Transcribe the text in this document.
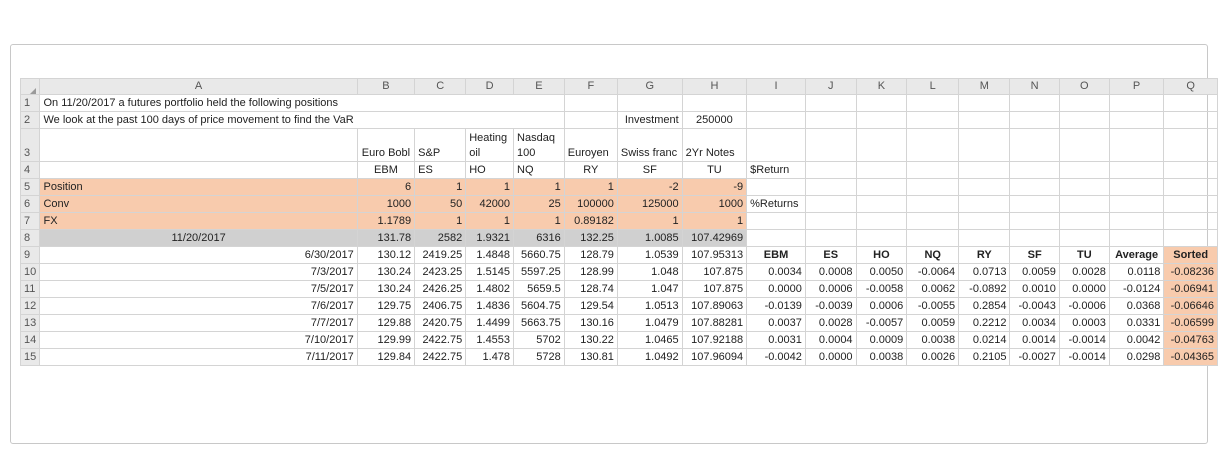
	A	B	C	D	E	F	G	H	I	J	K	L	M	N	O	P	Q
1	On 11/20/2017 a futures portfolio held the following positions																
2	We look at the past 100 days of price movement to find the VaR						Investment	250000									
3		Euro Bobl	S&P	Heating oil	Nasdaq 100	Euroyen	Swiss franc	2Yr Notes									
4		EBM	ES	HO	NQ	RY	SF	TU	$Return								
5	Position	6	1	1	1	1	-2	-9									
6	Conv	1000	50	42000	25	100000	125000	1000	%Returns								
7	FX	1.1789	1	1	1	0.89182	1	1									
8	11/20/2017	131.78	2582	1.9321	6316	132.25	1.0085	107.42969									
9	6/30/2017	130.12	2419.25	1.4848	5660.75	128.79	1.0539	107.95313	EBM	ES	HO	NQ	RY	SF	TU	Average	Sorted
10	7/3/2017	130.24	2423.25	1.5145	5597.25	128.99	1.048	107.875	0.0034	0.0008	0.0050	-0.0064	0.0713	0.0059	0.0028	0.0118	-0.08236
11	7/5/2017	130.24	2426.25	1.4802	5659.5	128.74	1.047	107.875	0.0000	0.0006	-0.0058	0.0062	-0.0892	0.0010	0.0000	-0.0124	-0.06941
12	7/6/2017	129.75	2406.75	1.4836	5604.75	129.54	1.0513	107.89063	-0.0139	-0.0039	0.0006	-0.0055	0.2854	-0.0043	-0.0006	0.0368	-0.06646
13	7/7/2017	129.88	2420.75	1.4499	5663.75	130.16	1.0479	107.88281	0.0037	0.0028	-0.0057	0.0059	0.2212	0.0034	0.0003	0.0331	-0.06599
14	7/10/2017	129.99	2422.75	1.4553	5702	130.22	1.0465	107.92188	0.0031	0.0004	0.0009	0.0038	0.0214	0.0014	-0.0014	0.0042	-0.04763
15	7/11/2017	129.84	2422.75	1.478	5728	130.81	1.0492	107.96094	-0.0042	0.0000	0.0038	0.0026	0.2105	-0.0027	-0.0014	0.0298	-0.04365
